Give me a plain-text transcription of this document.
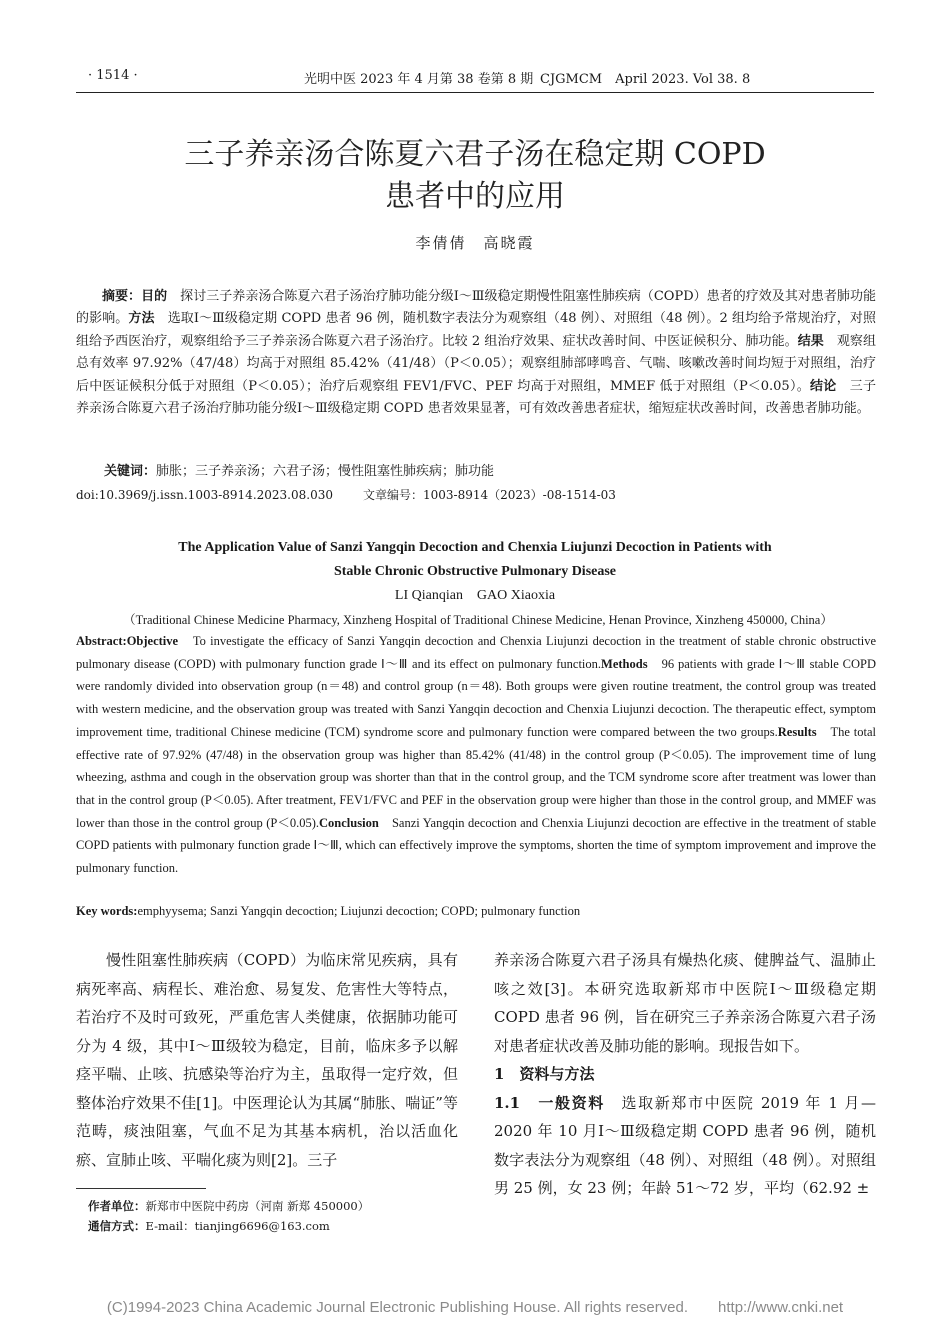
· 1514 ·	光明中医 2023 年 4 月第 38 卷第 8 期 CJGMCM　April 2023. Vol 38. 8
三子养亲汤合陈夏六君子汤在稳定期 COPD
患者中的应用
李倩倩　高晓霞
摘要：目的　探讨三子养亲汤合陈夏六君子汤治疗肺功能分级Ⅰ～Ⅲ级稳定期慢性阻塞性肺疾病（COPD）患者的疗效及其对患者肺功能的影响。方法　选取Ⅰ～Ⅲ级稳定期 COPD 患者 96 例，随机数字表法分为观察组（48 例）、对照组（48 例）。2 组均给予常规治疗，对照组给予西医治疗，观察组给予三子养亲汤合陈夏六君子汤治疗。比较 2 组治疗效果、症状改善时间、中医证候积分、肺功能。结果　观察组总有效率 97.92%（47/48）均高于对照组 85.42%（41/48）（P＜0.05）；观察组肺部哮鸣音、气喘、咳嗽改善时间均短于对照组，治疗后中医证候积分低于对照组（P＜0.05）；治疗后观察组 FEV1/FVC、PEF 均高于对照组，MMEF 低于对照组（P＜0.05）。结论　三子养亲汤合陈夏六君子汤治疗肺功能分级Ⅰ～Ⅲ级稳定期 COPD 患者效果显著，可有效改善患者症状，缩短症状改善时间，改善患者肺功能。
关键词：肺胀；三子养亲汤；六君子汤；慢性阻塞性肺疾病；肺功能
doi:10.3969/j.issn.1003-8914.2023.08.030	文章编号：1003-8914（2023）-08-1514-03
The Application Value of Sanzi Yangqin Decoction and Chenxia Liujunzi Decoction in Patients with
Stable Chronic Obstructive Pulmonary Disease
LI Qianqian　GAO Xiaoxia
（Traditional Chinese Medicine Pharmacy, Xinzheng Hospital of Traditional Chinese Medicine, Henan Province, Xinzheng 450000, China）
Abstract:Objective　To investigate the efficacy of Sanzi Yangqin decoction and Chenxia Liujunzi decoction in the treatment of stable chronic obstructive pulmonary disease (COPD) with pulmonary function grade Ⅰ～Ⅲ and its effect on pulmonary function.Methods　96 patients with grade Ⅰ～Ⅲ stable COPD were randomly divided into observation group (n＝48) and control group (n＝48). Both groups were given routine treatment, the control group was treated with western medicine, and the observation group was treated with Sanzi Yangqin decoction and Chenxia Liujunzi decoction. The therapeutic effect, symptom improvement time, traditional Chinese medicine (TCM) syndrome score and pulmonary function were compared between the two groups.Results　The total effective rate of 97.92% (47/48) in the observation group was higher than 85.42% (41/48) in the control group (P＜0.05). The improvement time of lung wheezing, asthma and cough in the observation group was shorter than that in the control group, and the TCM syndrome score after treatment was lower than that in the control group (P＜0.05). After treatment, FEV1/FVC and PEF in the observation group were higher than those in the control group, and MMEF was lower than those in the control group (P＜0.05).Conclusion　Sanzi Yangqin decoction and Chenxia Liujunzi decoction are effective in the treatment of stable COPD patients with pulmonary function grade Ⅰ～Ⅲ, which can effectively improve the symptoms, shorten the time of symptom improvement and improve the pulmonary function.
Key words:emphyysema; Sanzi Yangqin decoction; Liujunzi decoction; COPD; pulmonary function
慢性阻塞性肺疾病（COPD）为临床常见疾病，具有病死率高、病程长、难治愈、易复发、危害性大等特点，若治疗不及时可致死，严重危害人类健康，依据肺功能可分为 4 级，其中Ⅰ～Ⅲ级较为稳定，目前，临床多予以解痉平喘、止咳、抗感染等治疗为主，虽取得一定疗效，但整体治疗效果不佳[1]。中医理论认为其属“肺胀、喘证”等范畴，痰浊阻塞，气血不足为其基本病机，治以活血化瘀、宣肺止咳、平喘化痰为则[2]。三子
养亲汤合陈夏六君子汤具有燥热化痰、健脾益气、温肺止咳之效[3]。本研究选取新郑市中医院Ⅰ～Ⅲ级稳定期 COPD 患者 96 例，旨在研究三子养亲汤合陈夏六君子汤对患者症状改善及肺功能的影响。现报告如下。
1　资料与方法
1.1　一般资料　选取新郑市中医院 2019 年 1 月—2020 年 10 月Ⅰ～Ⅲ级稳定期 COPD 患者 96 例，随机数字表法分为观察组（48 例）、对照组（48 例）。对照组男 25 例，女 23 例；年龄 51～72 岁，平均（62.92 ±
作者单位：新郑市中医院中药房（河南 新郑 450000）
通信方式：E-mail：tianjing6696@163.com
(C)1994-2023 China Academic Journal Electronic Publishing House. All rights reserved.　　http://www.cnki.net
